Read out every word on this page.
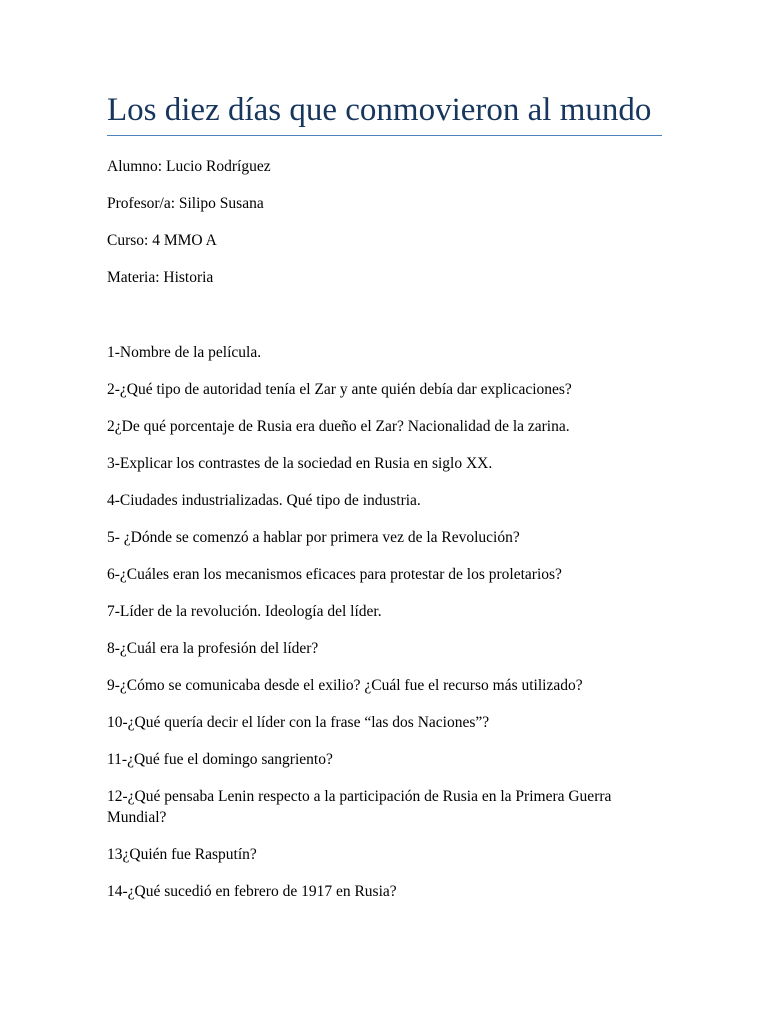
Los diez días que conmovieron al mundo
Alumno: Lucio Rodríguez
Profesor/a: Silipo Susana
Curso: 4 MMO A
Materia: Historia
1-Nombre de la película.
2-¿Qué tipo de autoridad tenía el Zar y ante quién debía dar explicaciones?
2¿De qué porcentaje de Rusia era dueño el Zar? Nacionalidad de la zarina.
3-Explicar los contrastes de la sociedad en Rusia en siglo XX.
4-Ciudades industrializadas. Qué tipo de industria.
5- ¿Dónde se comenzó a hablar por primera vez de la Revolución?
6-¿Cuáles eran los mecanismos eficaces para protestar de los proletarios?
7-Líder de la revolución. Ideología del líder.
8-¿Cuál era la profesión del líder?
9-¿Cómo se comunicaba desde el exilio? ¿Cuál fue el recurso más utilizado?
10-¿Qué quería decir el líder con la frase “las dos Naciones”?
11-¿Qué fue el domingo sangriento?
12-¿Qué pensaba Lenin respecto a la participación de Rusia en la Primera Guerra Mundial?
13¿Quién fue Rasputín?
14-¿Qué sucedió en febrero de 1917 en Rusia?
